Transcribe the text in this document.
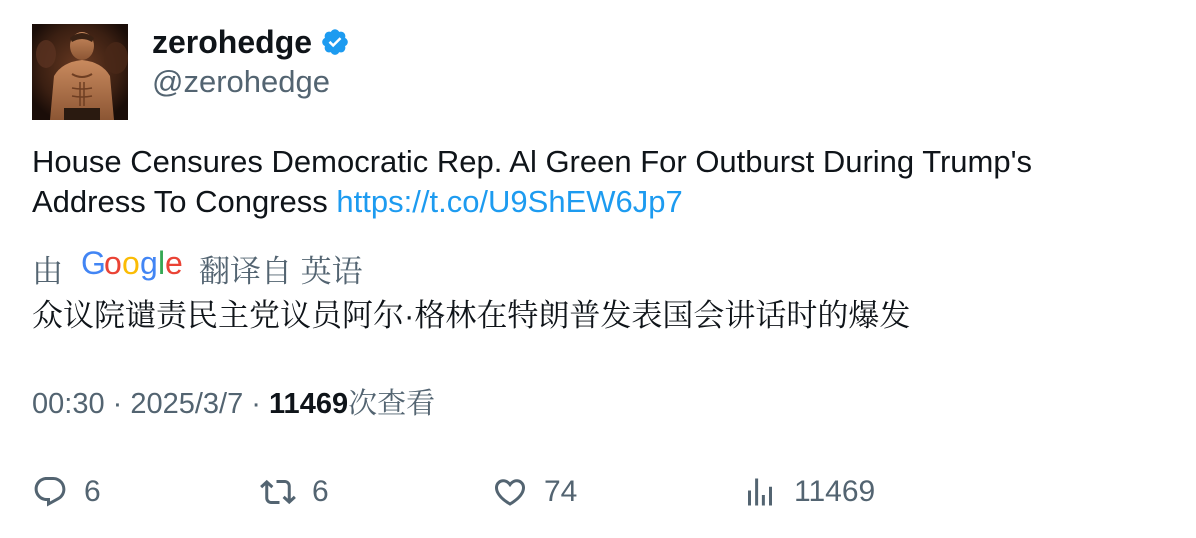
zerohedge
@zerohedge
House Censures Democratic Rep. Al Green For Outburst During Trump's Address To Congress https://t.co/U9ShEW6Jp7
由 G
o o g l e 翻译自 英语
众议院谴责民主党议员阿尔·格林在特朗普发表国会讲话时的爆发
00:30 · 2025/3/7 · 11469次查看
6	6	74	11469
